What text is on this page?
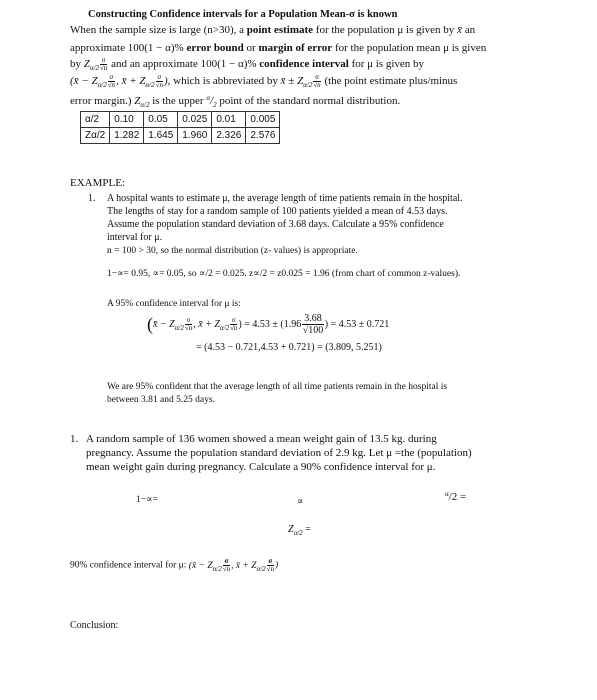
Constructing Confidence intervals for a Population Mean-σ is known
When the sample size is large (n>30), a point estimate for the population μ is given by x̄ an
approximate 100(1 − α)% error bound or margin of error for the population mean μ is given
by $Z_{\alpha/2} \frac{\sigma}{√n}$ and an approximate 100(1 − α)% confidence interval for μ is given by
(x̄ − $Z_{\alpha/2} \frac{\sigma}{√n}$ , x̄ + $Z_{\alpha/2} \frac{\sigma}{√n}$ ), which is abbreviated by x̄ ± $Z_{\alpha/2} \frac{\sigma}{√n} (the$ point estimate plus/minus
error margin.) $Z_{\alpha/2}$ is the upper $^\alpha/_2$ point of the standard normal distribution.
α/2	0.10	0.05	0.025	0.01	0.005
Zα/2	1.282	1.645	1.960	2.326	2.576
EXAMPLE:
1. A hospital wants to estimate μ, the average length of time patients remain in the hospital.
The lengths of stay for a random sample of 100 patients yielded a mean of 4.53 days.
Assume the population standard deviation of 3.68 days. Calculate a 95% confidence
interval for μ.
n = 100 > 30, so the normal distribution (z- values) is appropriate.
1−∝= 0.95, ∝= 0.05, so ∝/2 = 0.025. z∝/2 = z0.025 = 1.96 (from chart of common z-values).
A 95% confidence interval for μ is:
(x̄ − $Z_{\alpha/2} \frac{\sigma}{√n}$ , x̄ + $Z_{\alpha/2} \frac{\sigma}{√n}$ ) = $4.53 \pm (1.96 \frac{3.68}{√100}$ ) = 4.53 ± 0.721
= (4.53 − 0.721,4.53 + 0.721) = (3.809, 5.251)
We are 95% confident that the average length of all time patients remain in the hospital is
between 3.81 and 5.25 days.
1. A random sample of 136 women showed a mean weight gain of 13.5 kg. during
pregnancy. Assume the population standard deviation of 2.9 kg. Let μ =the (population)
mean weight gain during pregnancy. Calculate a 90% confidence interval for μ.
1−∝=	∝
$^\alpha$/2 =
$Z_{\alpha/2}$ =
90% confidence interval for μ: (x̄ − $Z_{\alpha/2} \frac{\sigma}{√n}$ , x̄ + $Z_{\alpha/2} \frac{\sigma}{√n}$ )
Conclusion:
